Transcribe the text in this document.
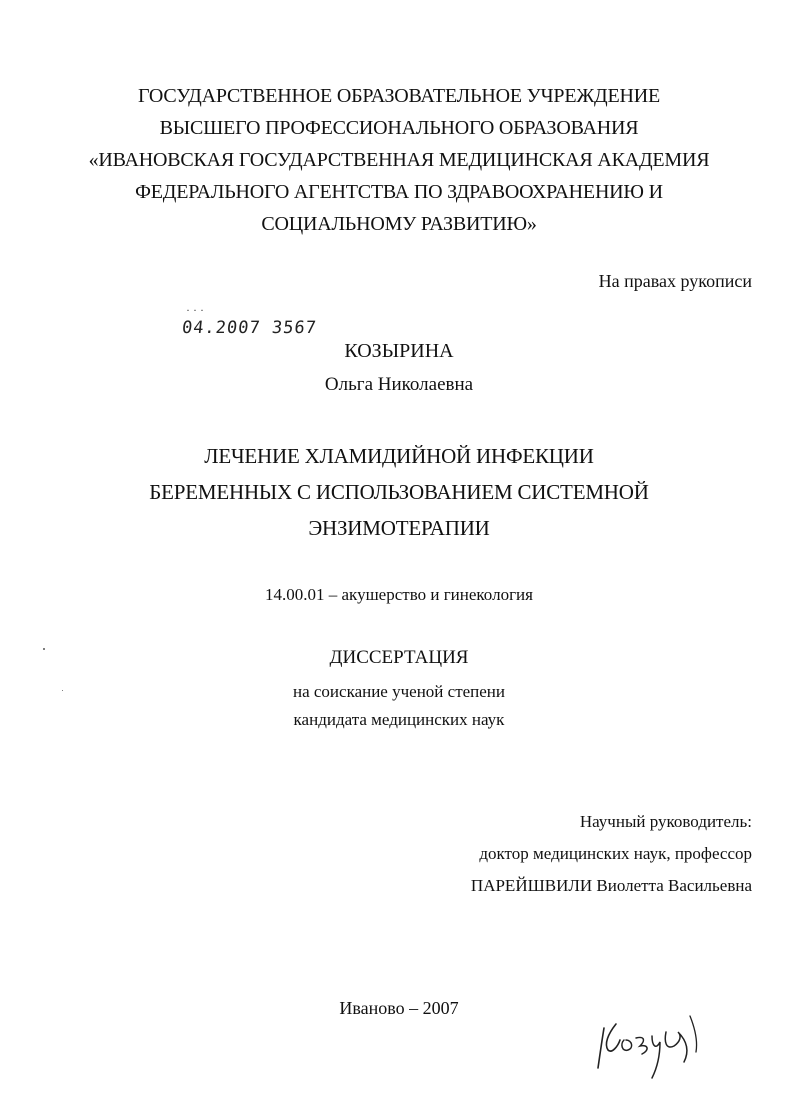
ГОСУДАРСТВЕННОЕ ОБРАЗОВАТЕЛЬНОЕ УЧРЕЖДЕНИЕ
ВЫСШЕГО ПРОФЕССИОНАЛЬНОГО ОБРАЗОВАНИЯ
«ИВАНОВСКАЯ ГОСУДАРСТВЕННАЯ МЕДИЦИНСКАЯ АКАДЕМИЯ
ФЕДЕРАЛЬНОГО АГЕНТСТВА ПО ЗДРАВООХРАНЕНИЮ И
СОЦИАЛЬНОМУ РАЗВИТИЮ»
На правах рукописи
· · ·
04.2007 3567
КОЗЫРИНА
Ольга Николаевна
ЛЕЧЕНИЕ ХЛАМИДИЙНОЙ ИНФЕКЦИИ
БЕРЕМЕННЫХ С ИСПОЛЬЗОВАНИЕМ СИСТЕМНОЙ
ЭНЗИМОТЕРАПИИ
14.00.01 – акушерство и гинекология
ДИССЕРТАЦИЯ
на соискание ученой степени
кандидата медицинских наук
Научный руководитель:
доктор медицинских наук, профессор
ПАРЕЙШВИЛИ Виолетта Васильевна
Иваново – 2007
